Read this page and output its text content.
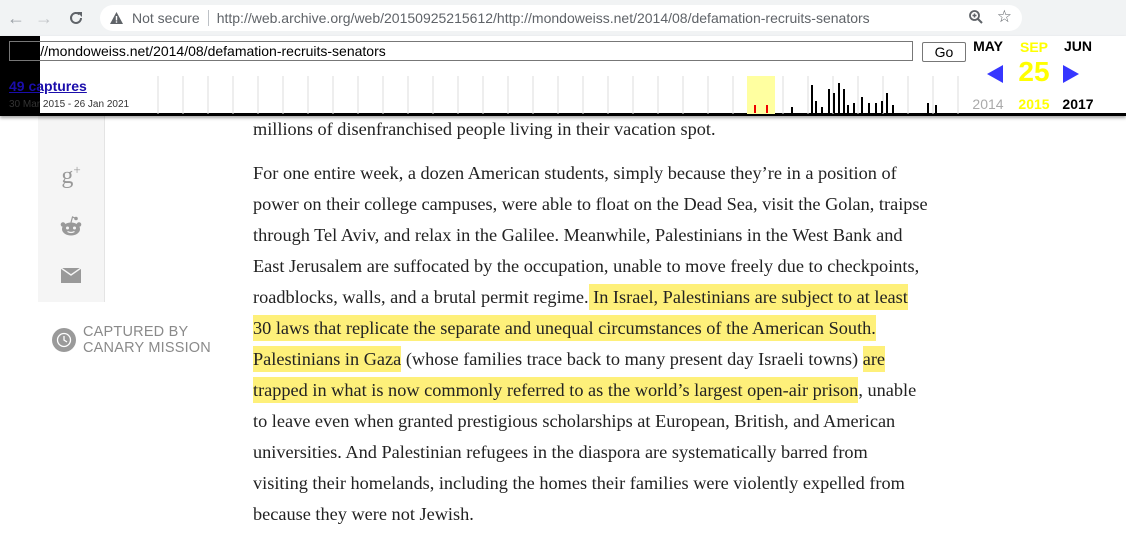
← →	Not secure http://web.archive.org/web/20150925215612/http://mondoweiss.net/2014/08/defamation-recruits-senators	☆
g+
CAPTURED BY
CANARY MISSION
millions of disenfranchised people living in their vacation spot.
For one entire week, a dozen American students, simply because they’re in a position of
power on their college campuses, were able to float on the Dead Sea, visit the Golan, traipse
through Tel Aviv, and relax in the Galilee. Meanwhile, Palestinians in the West Bank and
East Jerusalem are suffocated by the occupation, unable to move freely due to checkpoints,
roadblocks, walls, and a brutal permit regime. In Israel, Palestinians are subject to at least
30 laws that replicate the separate and unequal circumstances of the American South.
Palestinians in Gaza (whose families trace back to many present day Israeli towns) are
trapped in what is now commonly referred to as the world’s largest open-air prison, unable
to leave even when granted prestigious scholarships at European, British, and American
universities. And Palestinian refugees in the diaspora are systematically barred from
visiting their homelands, including the homes their families were violently expelled from
because they were not Jewish.
http://mondoweiss.net/2014/08/defamation-recruits-senators	Go
49 captures
30 Mar 2015 - 26 Jan 2021
MAY	SEP
25
2015
JUN
2014	2017
